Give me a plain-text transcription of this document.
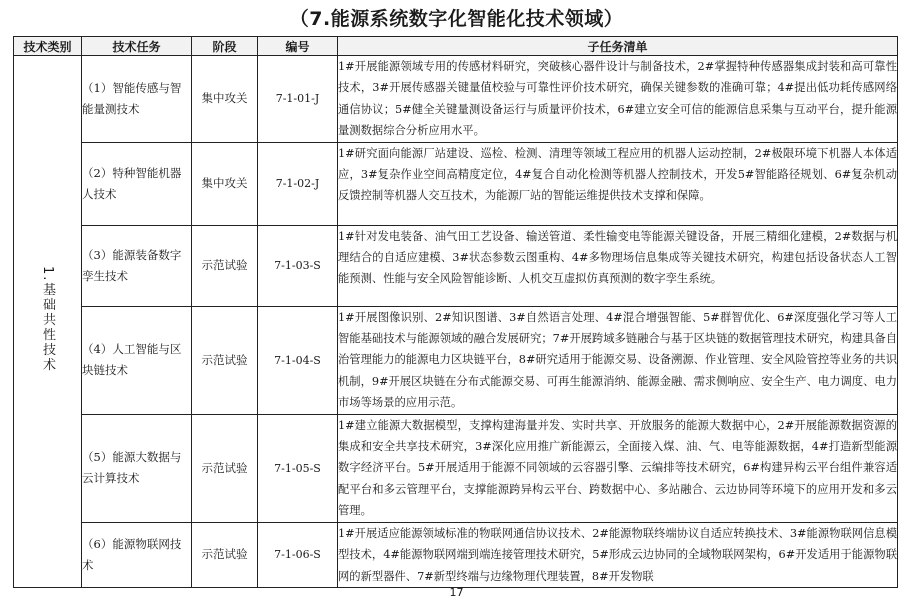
（7.能源系统数字化智能化技术领域）
技术类别	技术任务	阶段	编号	子任务清单
1.基础共性技术	（1）智能传感与智能量测技术	集中攻关	7-1-01-J	1#开展能源领域专用的传感材料研究，突破核心器件设计与制备技术，2#掌握特种传感器集成封装和高可靠性技术，3#开展传感器关键量值校验与可靠性评价技术研究，确保关键参数的准确可靠；4#提出低功耗传感网络通信协议；5#健全关键量测设备运行与质量评价技术，6#建立安全可信的能源信息采集与互动平台，提升能源量测数据综合分析应用水平。
	（2）特种智能机器人技术	集中攻关	7-1-02-J	1#研究面向能源厂站建设、巡检、检测、清理等领域工程应用的机器人运动控制，2#极限环境下机器人本体适应，3#复杂作业空间高精度定位，4#复合自动化检测等机器人控制技术，开发5#智能路径规划、6#复杂机动反馈控制等机器人交互技术，为能源厂站的智能运维提供技术支撑和保障。
	（3）能源装备数字孪生技术	示范试验	7-1-03-S	1#针对发电装备、油气田工艺设备、输送管道、柔性输变电等能源关键设备，开展三精细化建模，2#数据与机理结合的自适应建模、3#状态参数云图重构、4#多物理场信息集成等关键技术研究，构建包括设备状态人工智能预测、性能与安全风险智能诊断、人机交互虚拟仿真预测的数字孪生系统。
	（4）人工智能与区块链技术	示范试验	7-1-04-S	1#开展图像识别、2#知识图谱、3#自然语言处理、4#混合增强智能、5#群智优化、6#深度强化学习等人工智能基础技术与能源领域的融合发展研究；7#开展跨域多链融合与基于区块链的数据管理技术研究，构建具备自治管理能力的能源电力区块链平台，8#研究适用于能源交易、设备溯源、作业管理、安全风险管控等业务的共识机制，9#开展区块链在分布式能源交易、可再生能源消纳、能源金融、需求侧响应、安全生产、电力调度、电力市场等场景的应用示范。
	（5）能源大数据与云计算技术	示范试验	7-1-05-S	1#建立能源大数据模型，支撑构建海量并发、实时共享、开放服务的能源大数据中心，2#开展能源数据资源的集成和安全共享技术研究，3#深化应用推广新能源云，全面接入煤、油、气、电等能源数据，4#打造新型能源数字经济平台。5#开展适用于能源不同领域的云容器引擎、云编排等技术研究，6#构建异构云平台组件兼容适配平台和多云管理平台，支撑能源跨异构云平台、跨数据中心、多站融合、云边协同等环境下的应用开发和多云管理。
	（6）能源物联网技术	示范试验	7-1-06-S	1#开展适应能源领域标准的物联网通信协议技术、2#能源物联终端协议自适应转换技术、3#能源物联网信息模型技术，4#能源物联网端到端连接管理技术研究，5#形成云边协同的全域物联网架构，6#开发适用于能源物联网的新型器件、7#新型终端与边缘物理代理装置，8#开发物联
17
